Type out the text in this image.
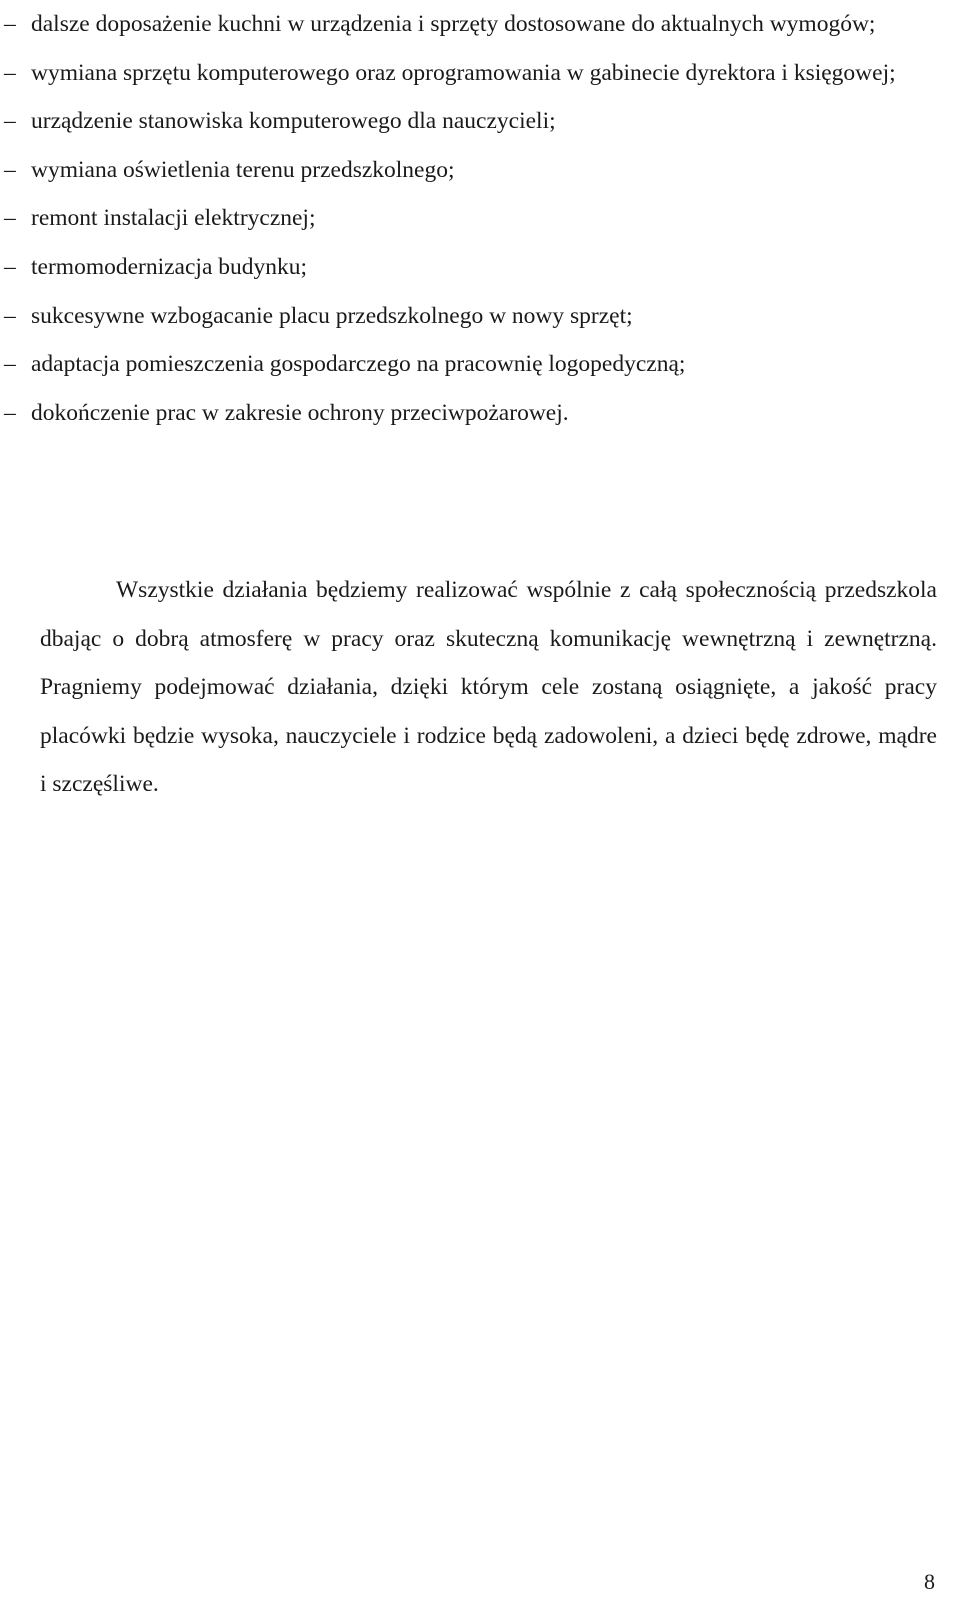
– dalsze doposażenie kuchni w urządzenia i sprzęty dostosowane do aktualnych wymogów;
– wymiana sprzętu komputerowego oraz oprogramowania w gabinecie dyrektora i księgowej;
– urządzenie stanowiska komputerowego dla nauczycieli;
– wymiana oświetlenia terenu przedszkolnego;
– remont instalacji elektrycznej;
– termomodernizacja budynku;
– sukcesywne wzbogacanie placu przedszkolnego w nowy sprzęt;
– adaptacja pomieszczenia gospodarczego na pracownię logopedyczną;
– dokończenie prac w zakresie ochrony przeciwpożarowej.

Wszystkie działania będziemy realizować wspólnie z całą społecznością przedszkola dbając o dobrą atmosferę w pracy oraz skuteczną komunikację wewnętrzną i zewnętrzną. Pragniemy podejmować działania, dzięki którym cele zostaną osiągnięte, a jakość pracy placówki będzie wysoka, nauczyciele i rodzice będą zadowoleni, a dzieci będę zdrowe, mądre i szczęśliwe.

8
